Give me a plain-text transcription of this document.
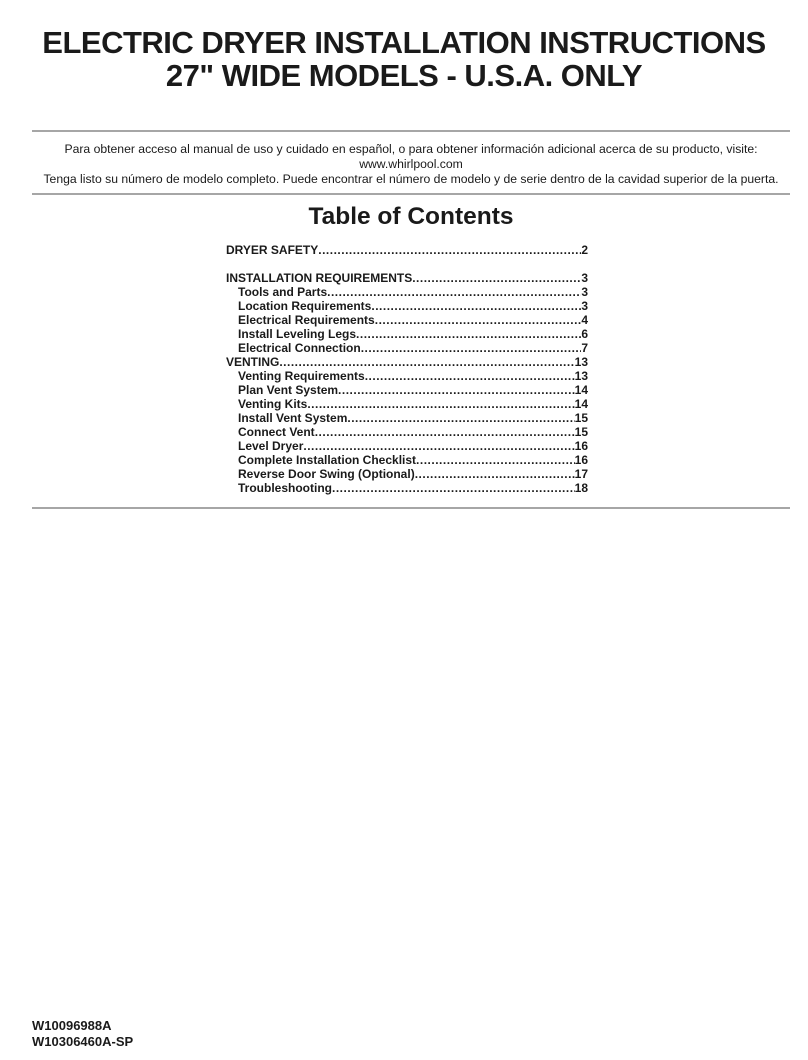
ELECTRIC DRYER INSTALLATION INSTRUCTIONS
27" WIDE MODELS - U.S.A. ONLY
Para obtener acceso al manual de uso y cuidado en español, o para obtener información adicional acerca de su producto, visite:
www.whirlpool.com
Tenga listo su número de modelo completo. Puede encontrar el número de modelo y de serie dentro de la cavidad superior de la puerta.
Table of Contents
DRYER SAFETY .....	2
INSTALLATION REQUIREMENTS .....	3
Tools and Parts .....	3
Location Requirements .....	3
Electrical Requirements .....	4
Install Leveling Legs .....	6
Electrical Connection .....	7
VENTING .....	13
Venting Requirements .....	13
Plan Vent System .....	14
Venting Kits .....	14
Install Vent System .....	15
Connect Vent .....	15
Level Dryer .....	16
Complete Installation Checklist .....	16
Reverse Door Swing (Optional) .....	17
Troubleshooting .....	18
W10096988A
W10306460A-SP
